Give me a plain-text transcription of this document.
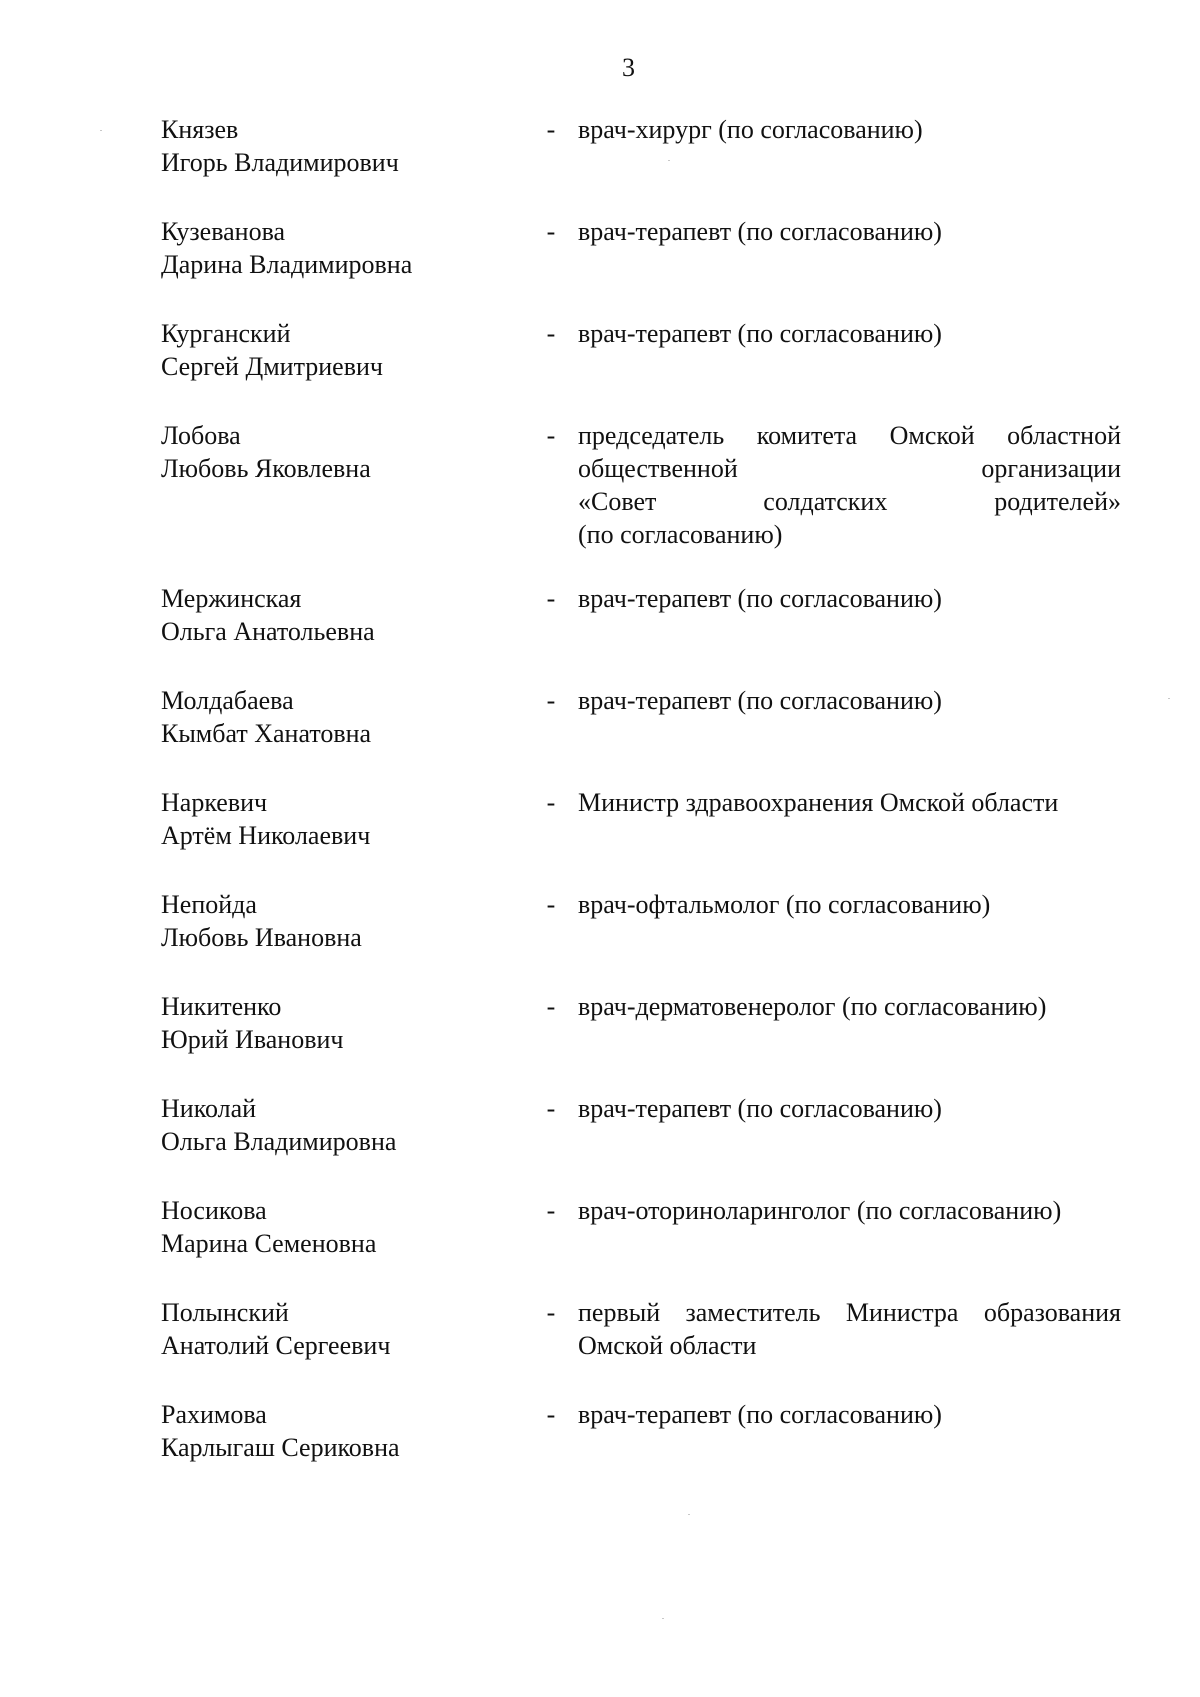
3
Князев
Игорь Владимирович
- врач-хирург (по согласованию)
Кузеванова
Дарина Владимировна
- врач-терапевт (по согласованию)
Курганский
Сергей Дмитриевич
- врач-терапевт (по согласованию)
Лобова
Любовь Яковлевна
- председатель комитета Омской областной
общественной организации
«Совет солдатских родителей»
(по согласованию)
Мержинская
Ольга Анатольевна
- врач-терапевт (по согласованию)
Молдабаева
Кымбат Ханатовна
- врач-терапевт (по согласованию)
Наркевич
Артём Николаевич
- Министр здравоохранения Омской области
Непойда
Любовь Ивановна
- врач-офтальмолог (по согласованию)
Никитенко
Юрий Иванович
- врач-дерматовенеролог (по согласованию)
Николай
Ольга Владимировна
- врач-терапевт (по согласованию)
Носикова
Марина Семеновна
- врач-оториноларинголог (по согласованию)
Полынский
Анатолий Сергеевич
- первый заместитель Министра образования
Омской области
Рахимова
Карлыгаш Сериковна
- врач-терапевт (по согласованию)
